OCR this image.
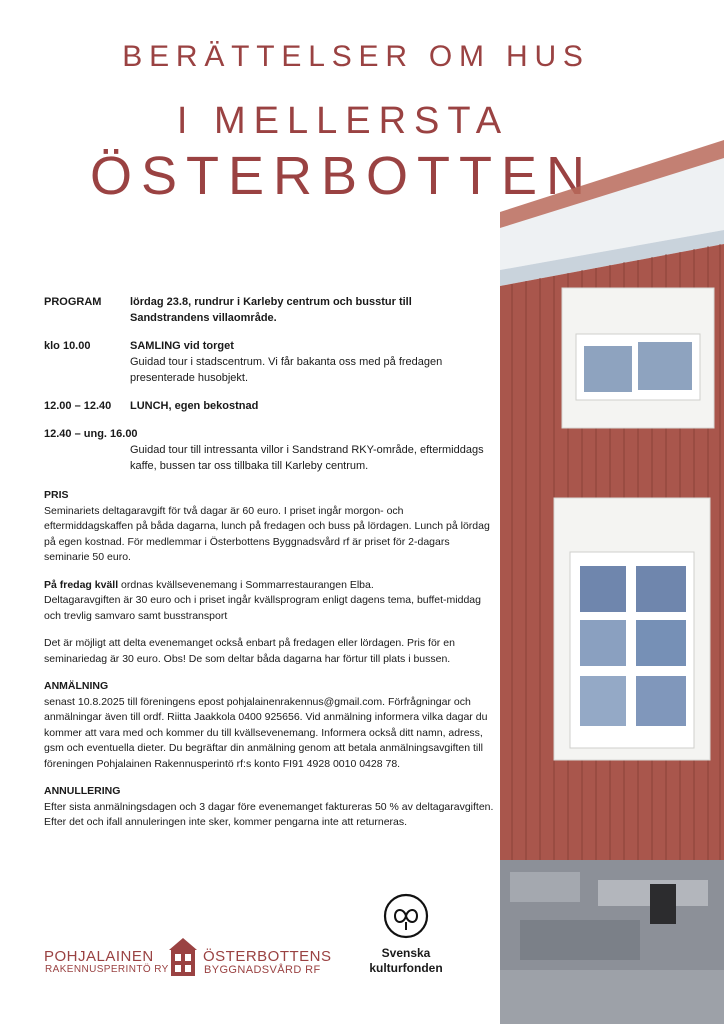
BERÄTTELSER OM HUS
I MELLERSTA
ÖSTERBOTTEN
PROGRAM	lördag 23.8, rundrur i Karleby centrum och busstur till Sandstrandens villaområde.
klo 10.00	SAMLING vid torget
Guidad tour i stadscentrum. Vi får bakanta oss med på fredagen presenterade husobjekt.
12.00 – 12.40	LUNCH, egen bekostnad
12.40 – ung. 16.00
Guidad tour till intressanta villor i Sandstrand RKY-område, eftermiddags kaffe, bussen tar oss tillbaka till Karleby centrum.
PRIS

Seminariets deltagaravgift för två dagar är 60 euro. I priset ingår morgon- och eftermiddagskaffen på båda dagarna, lunch på fredagen och buss på lördagen. Lunch på lördag på egen kostnad. För medlemmar i Österbottens Byggnadsvård rf är priset för 2-dagars seminarie 50 euro.

På fredag kväll ordnas kvällsevenemang i Sommarrestaurangen Elba.

Deltagaravgiften är 30 euro och i priset ingår kvällsprogram enligt dagens tema, buffet-middag och trevlig samvaro samt busstransport

Det är möjligt att delta evenemanget också enbart på fredagen eller lördagen. Pris för en seminariedag är 30 euro. Obs! De som deltar båda dagarna har förtur till plats i bussen.

ANMÄLNING

senast 10.8.2025 till föreningens epost pohjalainenrakennus@gmail.com. Förfrågningar och anmälningar även till ordf. Riitta Jaakkola 0400 925656. Vid anmälning informera vilka dagar du kommer att vara med och kommer du till kvällsevenemang. Informera också ditt namn, adress, gsm och eventuella dieter. Du begräftar din anmälning genom att betala anmälningsavgiften till föreningen Pohjalainen Rakennusperintö rf:s konto FI91 4928 0010 0428 78.

ANNULLERING

Efter sista anmälningsdagen och 3 dagar före evenemanget faktureras 50 % av deltagaravgiften. Efter det och ifall annuleringen inte sker, kommer pengarna inte att returneras.

POHJALAINEN
RAKENNUSPERINTÖ RY
ÖSTERBOTTENS
BYGGNADSVÅRD RF
Svenska
kulturfonden
